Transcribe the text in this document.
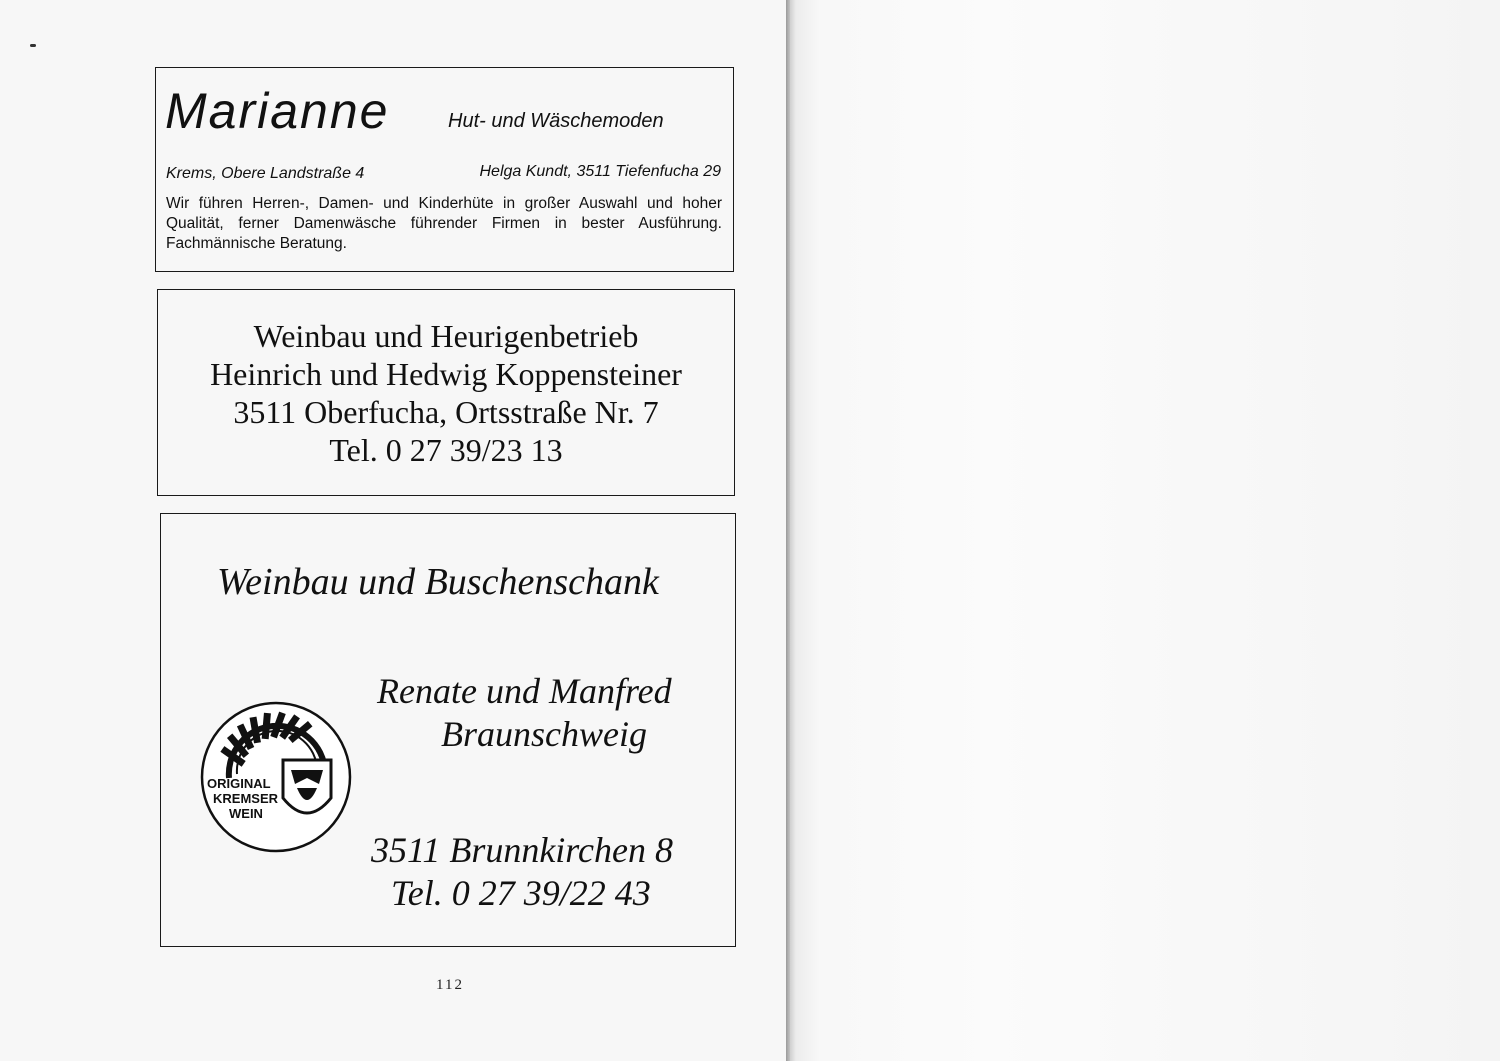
Marianne	Hut- und Wäschemoden
Krems, Obere Landstraße 4	Helga Kundt, 3511 Tiefenfucha 29
Wir führen Herren-, Damen- und Kinderhüte in großer Auswahl und hoher Qualität, ferner Damenwäsche führender Firmen in bester Ausführung. Fachmännische Beratung.
Weinbau und Heurigenbetrieb
Heinrich und Hedwig Koppensteiner
3511 Oberfucha, Ortsstraße Nr. 7
Tel. 0 27 39/23 13
Weinbau und Buschenschank
Renate und Manfred
Braunschweig
3511 Brunnkirchen 8
Tel. 0 27 39/22 43
ORIGINAL
KREMSER
WEIN
112
